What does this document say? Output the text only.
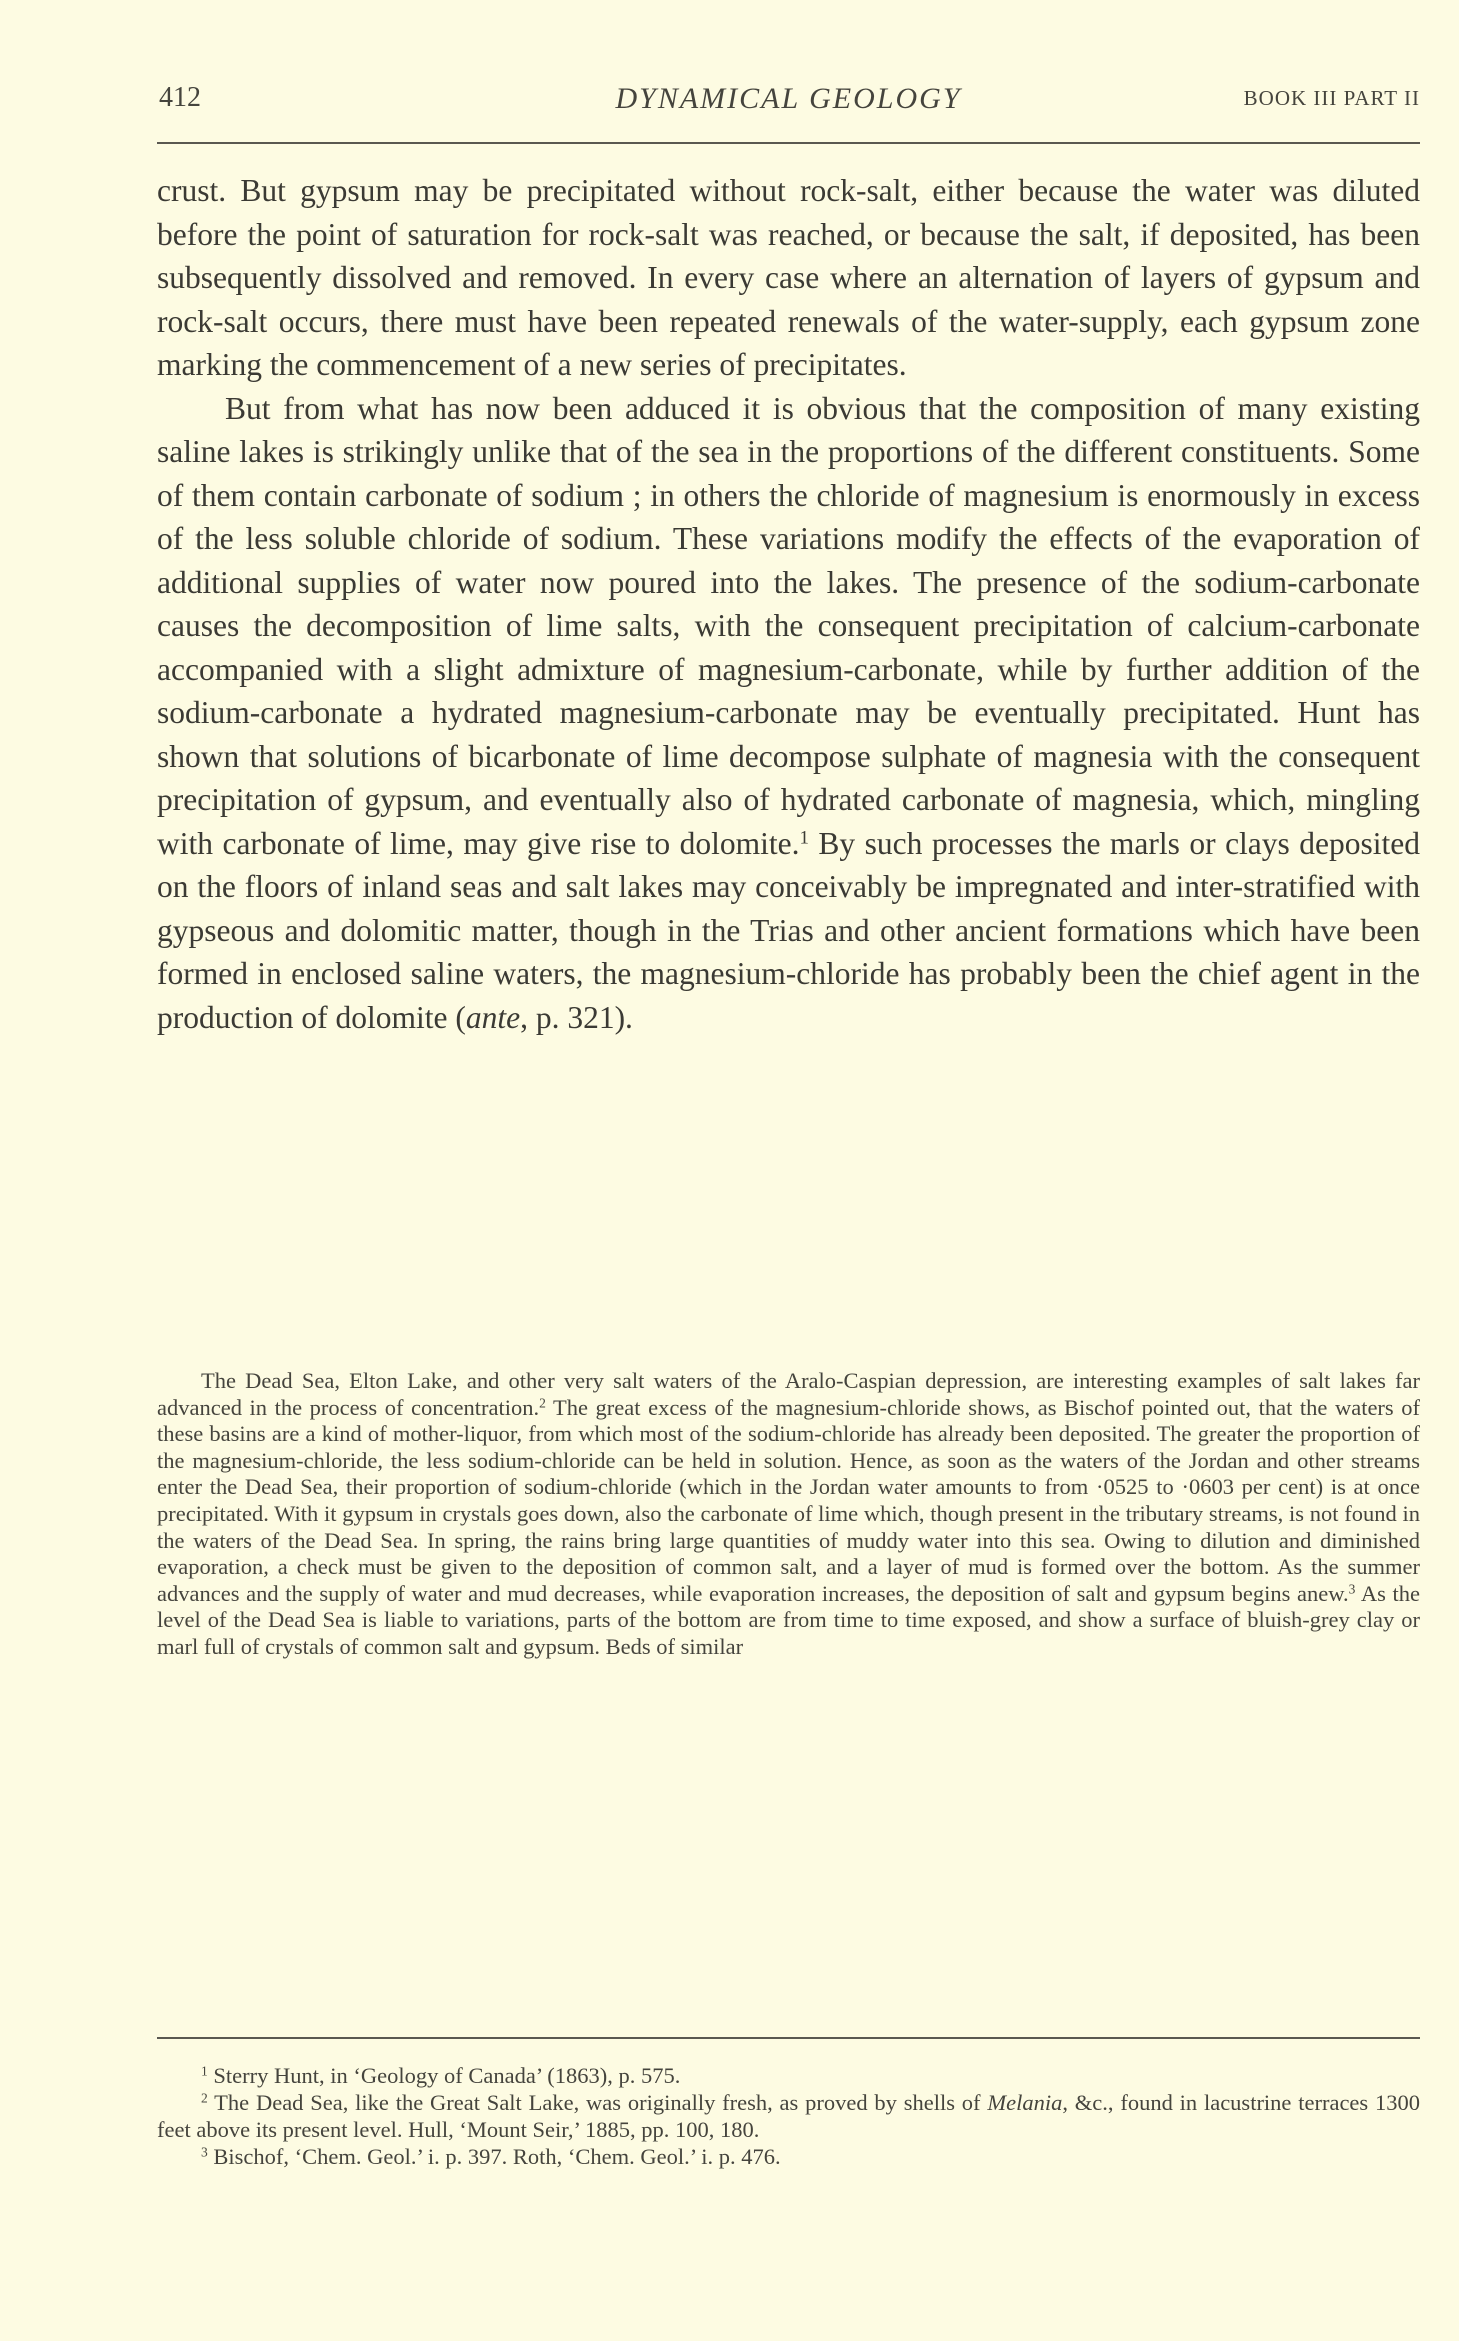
412	DYNAMICAL GEOLOGY	BOOK III PART II

crust. But gypsum may be precipitated without rock-salt, either because the water was diluted before the point of saturation for rock-salt was reached, or because the salt, if deposited, has been subsequently dissolved and removed. In every case where an alternation of layers of gypsum and rock-salt occurs, there must have been repeated renewals of the water-supply, each gypsum zone marking the commencement of a new series of precipitates.

But from what has now been adduced it is obvious that the composition of many existing saline lakes is strikingly unlike that of the sea in the proportions of the different constituents. Some of them contain carbonate of sodium ; in others the chloride of magnesium is enormously in excess of the less soluble chloride of sodium. These variations modify the effects of the evaporation of additional supplies of water now poured into the lakes. The presence of the sodium-carbonate causes the decomposition of lime salts, with the consequent precipitation of calcium-carbonate accompanied with a slight admixture of magnesium-carbonate, while by further addition of the sodium-carbonate a hydrated magnesium-carbonate may be eventually precipitated. Hunt has shown that solutions of bicarbonate of lime decompose sulphate of magnesia with the consequent precipitation of gypsum, and eventually also of hydrated carbonate of magnesia, which, mingling with carbonate of lime, may give rise to dolomite.$^1$ By such processes the marls or clays deposited on the floors of inland seas and salt lakes may conceivably be impregnated and inter-stratified with gypseous and dolomitic matter, though in the Trias and other ancient formations which have been formed in enclosed saline waters, the magnesium-chloride has probably been the chief agent in the production of dolomite (ante, p. 321).

The Dead Sea, Elton Lake, and other very salt waters of the Aralo-Caspian depression, are interesting examples of salt lakes far advanced in the process of concentration.$^2$ The great excess of the magnesium-chloride shows, as Bischof pointed out, that the waters of these basins are a kind of mother-liquor, from which most of the sodium-chloride has already been deposited. The greater the proportion of the magnesium-chloride, the less sodium-chloride can be held in solution. Hence, as soon as the waters of the Jordan and other streams enter the Dead Sea, their proportion of sodium-chloride (which in the Jordan water amounts to from ·0525 to ·0603 per cent) is at once precipitated. With it gypsum in crystals goes down, also the carbonate of lime which, though present in the tributary streams, is not found in the waters of the Dead Sea. In spring, the rains bring large quantities of muddy water into this sea. Owing to dilution and diminished evaporation, a check must be given to the deposition of common salt, and a layer of mud is formed over the bottom. As the summer advances and the supply of water and mud decreases, while evaporation increases, the deposition of salt and gypsum begins anew.$^3$ As the level of the Dead Sea is liable to variations, parts of the bottom are from time to time exposed, and show a surface of bluish-grey clay or marl full of crystals of common salt and gypsum. Beds of similar

$^1$ Sterry Hunt, in ‘Geology of Canada’ (1863), p. 575.

$^2$ The Dead Sea, like the Great Salt Lake, was originally fresh, as proved by shells of Melania, &c., found in lacustrine terraces 1300 feet above its present level. Hull, ‘Mount Seir,’ 1885, pp. 100, 180.

$^3$ Bischof, ‘Chem. Geol.’ i. p. 397. Roth, ‘Chem. Geol.’ i. p. 476.
